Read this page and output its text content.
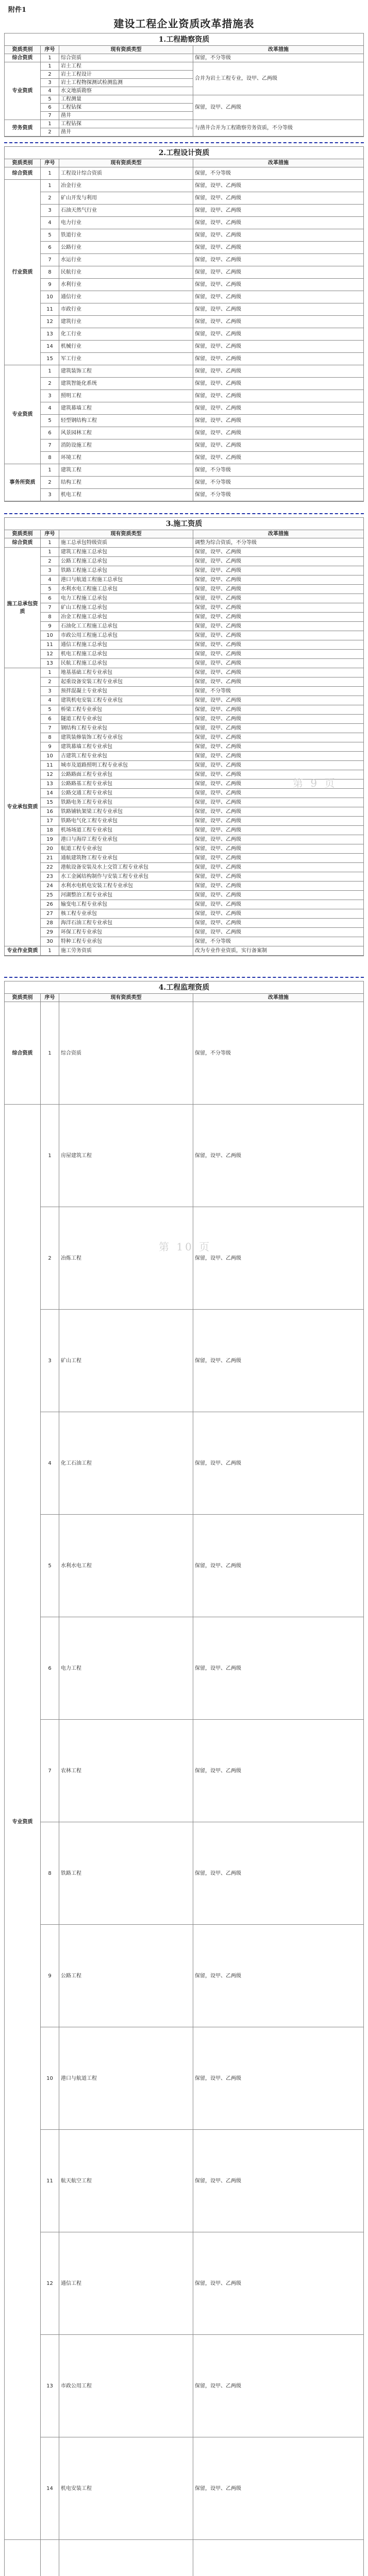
附件1
建设工程企业资质改革措施表
1.工程勘察资质
资质类别	序号	现有资质类型	改革措施
综合资质	1	综合资质	保留，不分等级
专业资质	1	岩土工程	合并为岩土工程专业，设甲、乙两级
	2	岩土工程设计	
	3	岩土工程物探测试检测监测	
	4	水文地质勘察	
	5	工程测量	保留，设甲、乙两级
	6	工程钻探	
	7	凿井	
劳务资质	1	工程钻探	与凿井合并为工程勘察劳务资质，不分等级
	2	凿井	
2.工程设计资质
资质类别	序号	现有资质类型	改革措施
综合资质	1	工程设计综合资质	保留，不分等级
行业资质	1	冶金行业	保留，设甲、乙两级
	2	矿山开发与利用	保留，设甲、乙两级
	3	石油天然气行业	保留，设甲、乙两级
	4	电力行业	保留，设甲、乙两级
	5	铁道行业	保留，设甲、乙两级
	6	公路行业	保留，设甲、乙两级
	7	水运行业	保留，设甲、乙两级
	8	民航行业	保留，设甲、乙两级
	9	水利行业	保留，设甲、乙两级
	10	通信行业	保留，设甲、乙两级
	11	市政行业	保留，设甲、乙两级
	12	建筑行业	保留，设甲、乙两级
	13	化工行业	保留，设甲、乙两级
	14	机械行业	保留，设甲、乙两级
	15	军工行业	保留，设甲、乙两级
专业资质	1	建筑装饰工程	保留，设甲、乙两级
	2	建筑智能化系统	保留，设甲、乙两级
	3	照明工程	保留，设甲、乙两级
	4	建筑幕墙工程	保留，设甲、乙两级
	5	轻型钢结构工程	保留，设甲、乙两级
	6	风景园林工程	保留，设甲、乙两级
	7	消防设施工程	保留，设甲、乙两级
	8	环境工程	保留，设甲、乙两级
事务所资质	1	建筑工程	保留，不分等级
	2	结构工程	保留，不分等级
	3	机电工程	保留，不分等级
3.施工资质
资质类别	序号	现有资质类型	改革措施
综合资质	1	施工总承包特级资质	调整为综合资质，不分等级
施工总承包资质	1	建筑工程施工总承包	保留，设甲、乙两级
	2	公路工程施工总承包	保留，设甲、乙两级
	3	铁路工程施工总承包	保留，设甲、乙两级
	4	港口与航道工程施工总承包	保留，设甲、乙两级
	5	水利水电工程施工总承包	保留，设甲、乙两级
	6	电力工程施工总承包	保留，设甲、乙两级
	7	矿山工程施工总承包	保留，设甲、乙两级
	8	冶金工程施工总承包	保留，设甲、乙两级
	9	石油化工工程施工总承包	保留，设甲、乙两级
	10	市政公用工程施工总承包	保留，设甲、乙两级
	11	通信工程施工总承包	保留，设甲、乙两级
	12	机电工程施工总承包	保留，设甲、乙两级
	13	民航工程施工总承包	保留，设甲、乙两级
专业承包资质	1	地基基础工程专业承包	保留，设甲、乙两级
	2	起重设备安装工程专业承包	保留，设甲、乙两级
	3	预拌混凝土专业承包	保留，不分等级
	4	建筑机电安装工程专业承包	保留，设甲、乙两级
	5	桥梁工程专业承包	保留，设甲、乙两级
	6	隧道工程专业承包	保留，设甲、乙两级
	7	钢结构工程专业承包	保留，设甲、乙两级
	8	建筑装修装饰工程专业承包	保留，设甲、乙两级
	9	建筑幕墙工程专业承包	保留，设甲、乙两级
	10	古建筑工程专业承包	保留，设甲、乙两级
	11	城市及道路照明工程专业承包	保留，设甲、乙两级
	12	公路路面工程专业承包	保留，设甲、乙两级
	13	公路路基工程专业承包	保留，设甲、乙两级
	14	公路交通工程专业承包	保留，设甲、乙两级
	15	铁路电务工程专业承包	保留，设甲、乙两级
	16	铁路铺轨架梁工程专业承包	保留，设甲、乙两级
	17	铁路电气化工程专业承包	保留，设甲、乙两级
	18	机场场道工程专业承包	保留，设甲、乙两级
	19	港口与海岸工程专业承包	保留，设甲、乙两级
	20	航道工程专业承包	保留，设甲、乙两级
	21	通航建筑物工程专业承包	保留，设甲、乙两级
	22	港航设备安装及水上交管工程专业承包	保留，设甲、乙两级
	23	水工金属结构制作与安装工程专业承包	保留，设甲、乙两级
	24	水利水电机电安装工程专业承包	保留，设甲、乙两级
	25	河湖整治工程专业承包	保留，设甲、乙两级
	26	输变电工程专业承包	保留，设甲、乙两级
	27	核工程专业承包	保留，设甲、乙两级
	28	海洋石油工程专业承包	保留，设甲、乙两级
	29	环保工程专业承包	保留，设甲、乙两级
	30	特种工程专业承包	保留，不分等级
专业作业资质	1	施工劳务资质	改为专业作业资质，实行备案制
4.工程监理资质
资质类别	序号	现有资质类型	改革措施
综合资质	1	综合资质	保留，不分等级
专业资质	1	房屋建筑工程	保留，设甲、乙两级
	2	冶炼工程	保留，设甲、乙两级
	3	矿山工程	保留，设甲、乙两级
	4	化工石油工程	保留，设甲、乙两级
	5	水利水电工程	保留，设甲、乙两级
	6	电力工程	保留，设甲、乙两级
	7	农林工程	保留，设甲、乙两级
	8	铁路工程	保留，设甲、乙两级
	9	公路工程	保留，设甲、乙两级
	10	港口与航道工程	保留，设甲、乙两级
	11	航天航空工程	保留，设甲、乙两级
	12	通信工程	保留，设甲、乙两级
	13	市政公用工程	保留，设甲、乙两级
	14	机电安装工程	保留，设甲、乙两级

第 9 页
第 10 页
